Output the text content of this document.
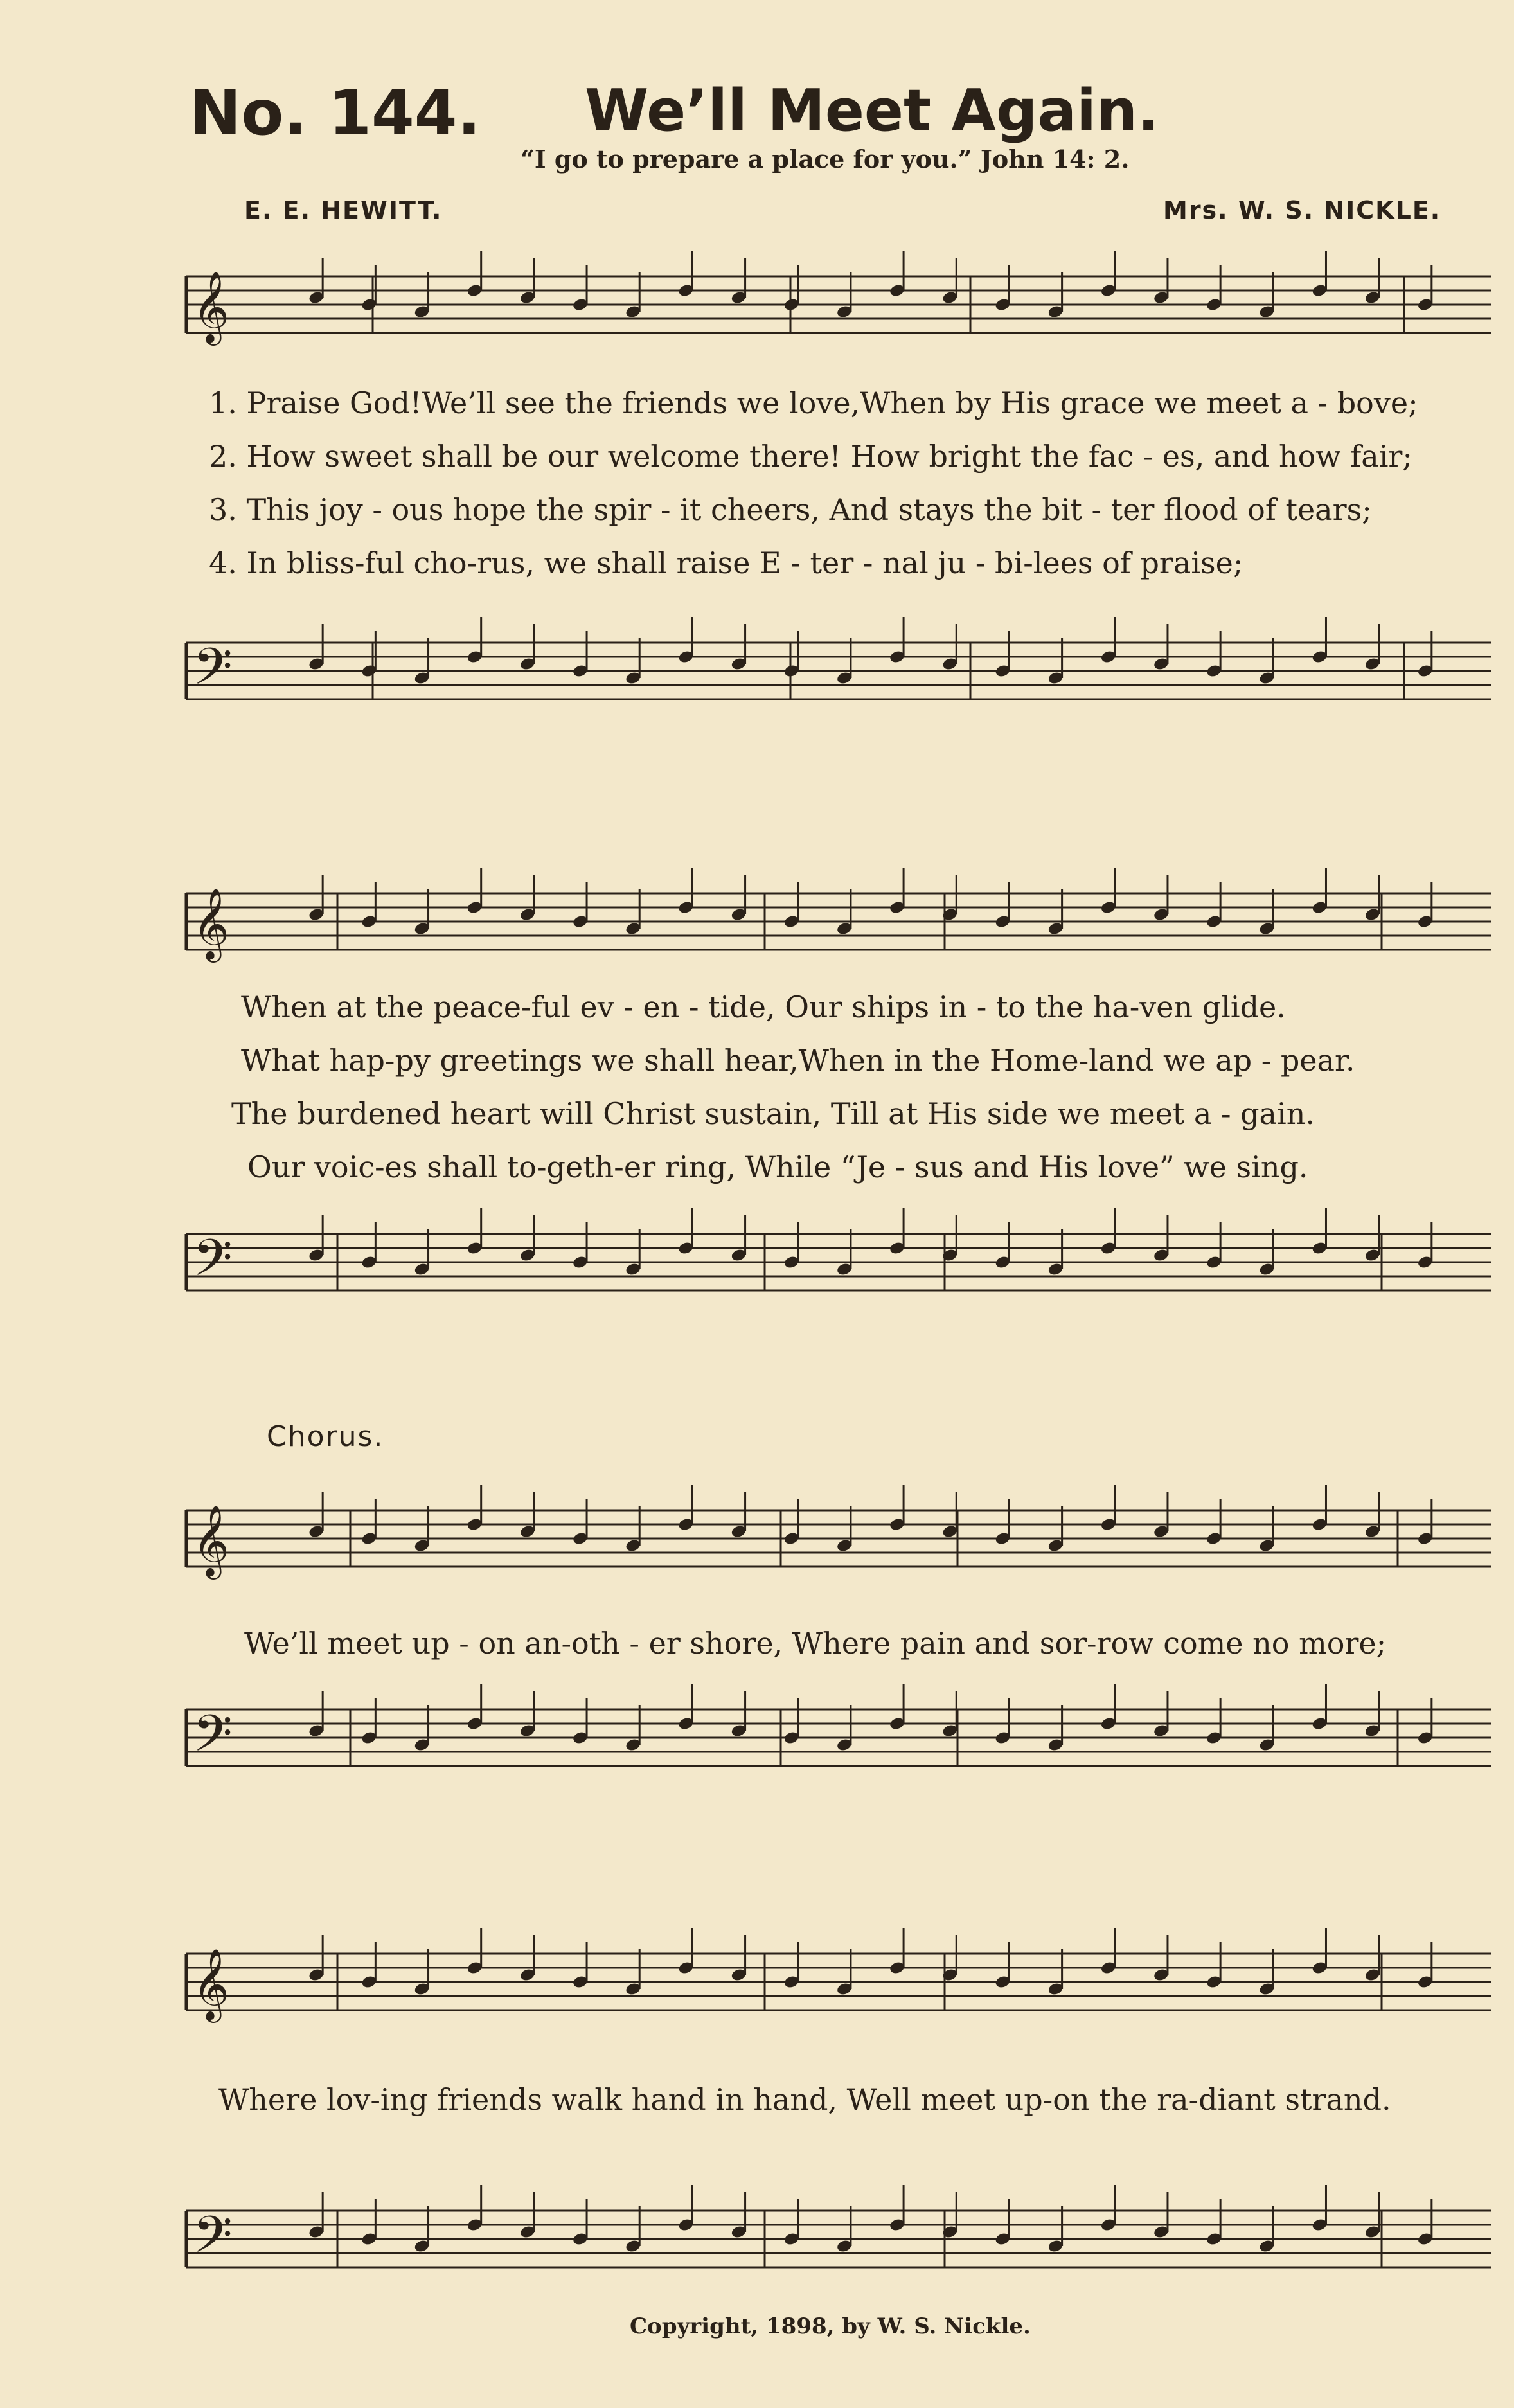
No. 144. We’ll Meet Again.
“I go to prepare a place for you.” John 14: 2.
E. E. HEWITT.	Mrs. W. S. NICKLE.
𝄞
𝄢
𝄞
𝄢
𝄞
𝄢
𝄞
𝄢
1. Praise God!We’ll see the friends we love,When by His grace we meet a - bove;
2. How sweet shall be our welcome there! How bright the fac - es, and how fair;
3. This joy - ous hope the spir - it cheers, And stays the bit - ter flood of tears;
4. In bliss-ful cho-rus, we shall raise E - ter - nal ju - bi-lees of praise;
When at the peace-ful ev - en - tide, Our ships in - to the ha-ven glide.
What hap-py greetings we shall hear,When in the Home-land we ap - pear.
The burdened heart will Christ sustain, Till at His side we meet a - gain.
Our voic-es shall to-geth-er ring, While “Je - sus and His love” we sing.
Chorus.
We’ll meet up - on an-oth - er shore, Where pain and sor-row come no more;
Where lov-ing friends walk hand in hand, Well meet up-on the ra-diant strand.
Copyright, 1898, by W. S. Nickle.
